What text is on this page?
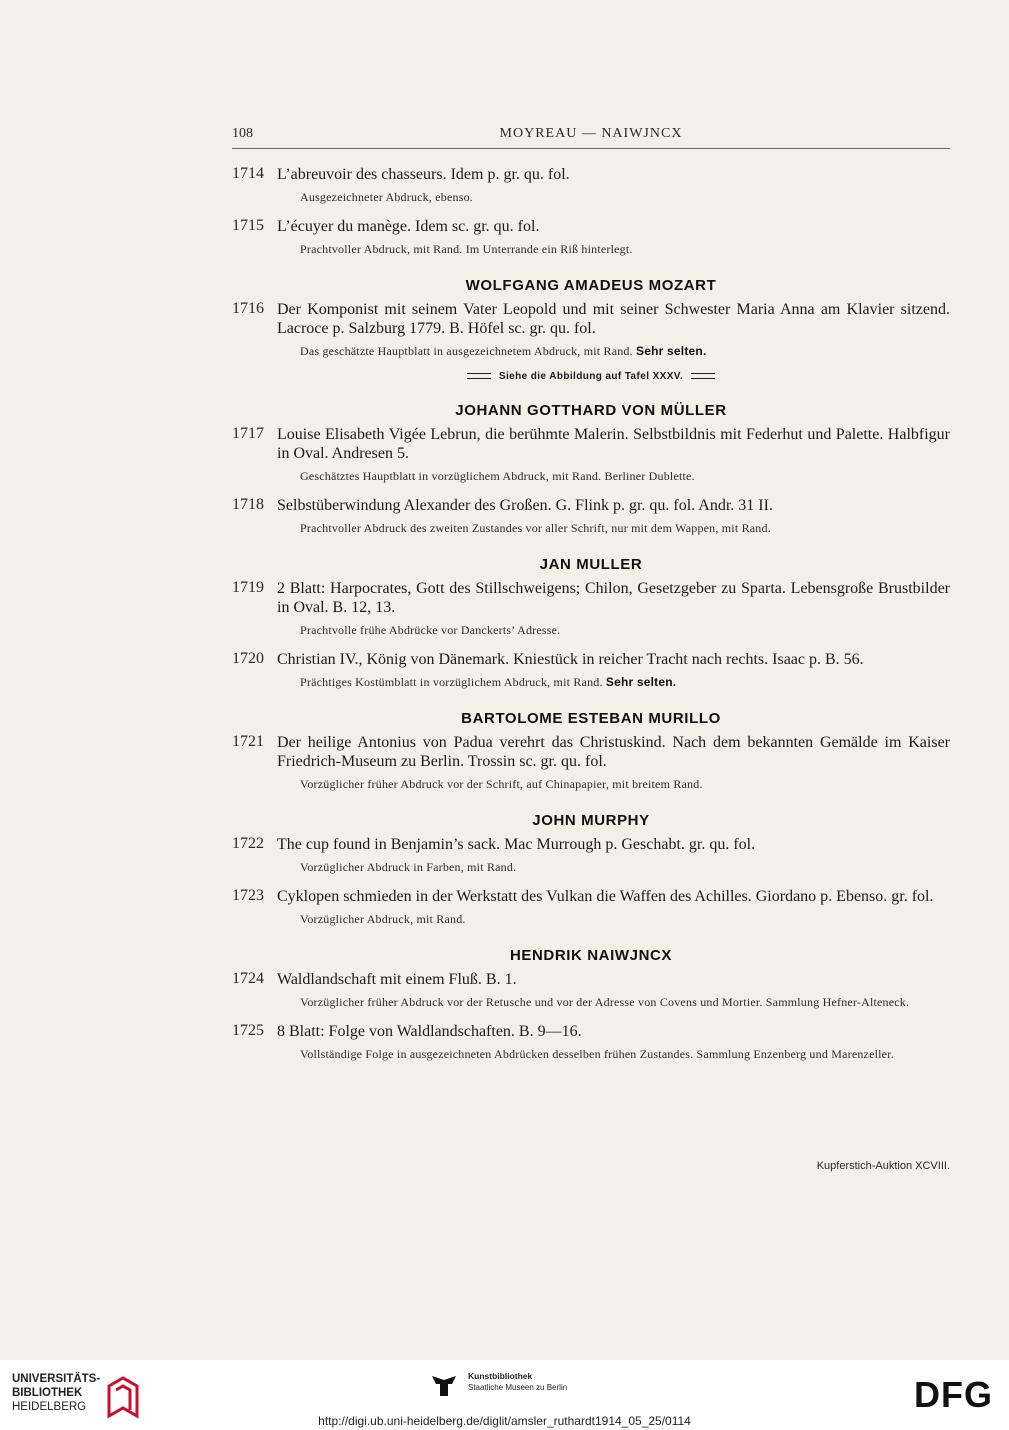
108	MOYREAU — NAIWJNCX
1714 L’abreuvoir des chasseurs. Idem p. gr. qu. fol.
Ausgezeichneter Abdruck, ebenso.
1715 L’écuyer du manège. Idem sc. gr. qu. fol.
Prachtvoller Abdruck, mit Rand. Im Unterrande ein Riß hinterlegt.
WOLFGANG AMADEUS MOZART
1716 Der Komponist mit seinem Vater Leopold und mit seiner Schwester Maria Anna am Klavier sitzend. Lacroce p. Salzburg 1779. B. Höfel sc. gr. qu. fol.
Das geschätzte Hauptblatt in ausgezeichnetem Abdruck, mit Rand. Sehr selten.
Siehe die Abbildung auf Tafel XXXV.
JOHANN GOTTHARD VON MÜLLER
1717 Louise Elisabeth Vigée Lebrun, die berühmte Malerin. Selbstbildnis mit Federhut und Palette. Halbfigur in Oval. Andresen 5.
Geschätztes Hauptblatt in vorzüglichem Abdruck, mit Rand. Berliner Dublette.
1718 Selbstüberwindung Alexander des Großen. G. Flink p. gr. qu. fol. Andr. 31 II.
Prachtvoller Abdruck des zweiten Zustandes vor aller Schrift, nur mit dem Wappen, mit Rand.
JAN MULLER
1719 2 Blatt: Harpocrates, Gott des Stillschweigens; Chilon, Gesetzgeber zu Sparta. Lebensgroße Brustbilder in Oval. B. 12, 13.
Prachtvolle frühe Abdrücke vor Danckerts’ Adresse.
1720 Christian IV., König von Dänemark. Kniestück in reicher Tracht nach rechts. Isaac p. B. 56.
Prächtiges Kostümblatt in vorzüglichem Abdruck, mit Rand. Sehr selten.
BARTOLOME ESTEBAN MURILLO
1721 Der heilige Antonius von Padua verehrt das Christuskind. Nach dem bekannten Gemälde im Kaiser Friedrich-Museum zu Berlin. Trossin sc. gr. qu. fol.
Vorzüglicher früher Abdruck vor der Schrift, auf Chinapapier, mit breitem Rand.
JOHN MURPHY
1722 The cup found in Benjamin’s sack. Mac Murrough p. Geschabt. gr. qu. fol.
Vorzüglicher Abdruck in Farben, mit Rand.
1723 Cyklopen schmieden in der Werkstatt des Vulkan die Waffen des Achilles. Giordano p. Ebenso. gr. fol.
Vorzüglicher Abdruck, mit Rand.
HENDRIK NAIWJNCX
1724 Waldlandschaft mit einem Fluß. B. 1.
Vorzüglicher früher Abdruck vor der Retusche und vor der Adresse von Covens und Mortier. Sammlung Hefner-Alteneck.
1725 8 Blatt: Folge von Waldlandschaften. B. 9—16.
Vollständige Folge in ausgezeichneten Abdrücken desselben frühen Zustandes. Sammlung Enzenberg und Marenzeller.
Kupferstich-Auktion XCVIII.
UNIVERSITÄTS-
BIBLIOTHEK
HEIDELBERG
Kunstbibliothek
Staatliche Museen zu Berlin	DFG
http://digi.ub.uni-heidelberg.de/diglit/amsler_ruthardt1914_05_25/0114
